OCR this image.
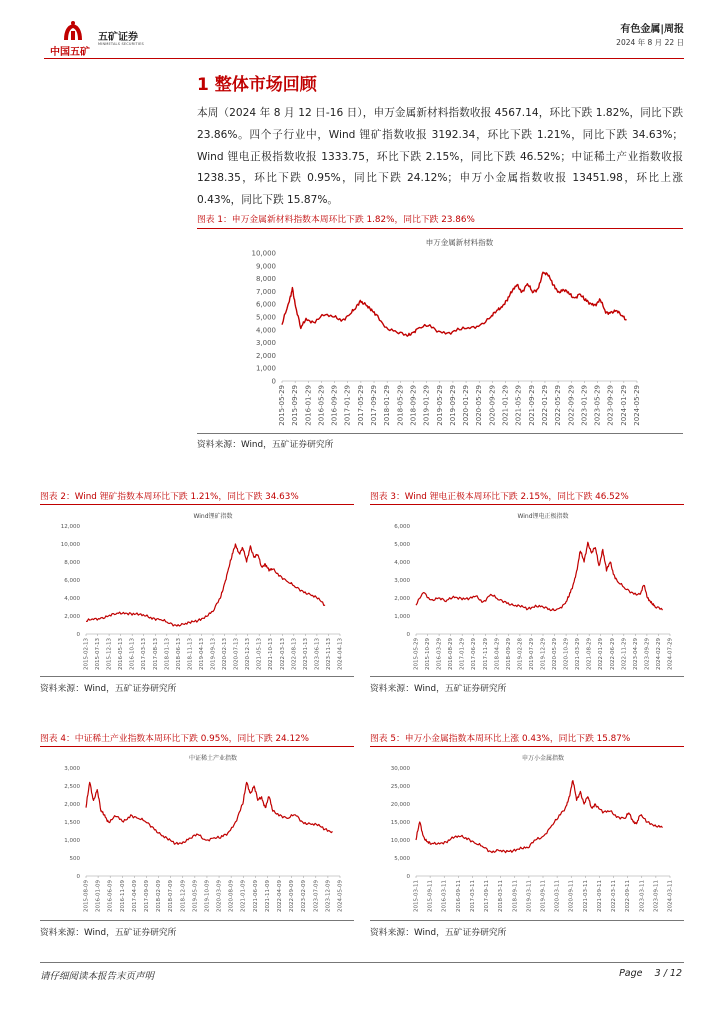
中国五矿
五矿证券
MINMETALS SECURITIES
有色金属|周报
2024 年 8 月 22 日
1 整体市场回顾
本周（2024 年 8 月 12 日-16 日），申万金属新材料指数收报 4567.14，环比下跌 1.82%，同比下跌 23.86%。四个子行业中，Wind 锂矿指数收报 3192.34，环比下跌 1.21%，同比下跌 34.63%；Wind 锂电正极指数收报 1333.75，环比下跌 2.15%，同比下跌 46.52%；中证稀土产业指数收报 1238.35，环比下跌 0.95%，同比下跌 24.12%；申万小金属指数收报 13451.98，环比上涨 0.43%，同比下跌 15.87%。
图表 1：申万金属新材料指数本周环比下跌 1.82%，同比下跌 23.86%
申万金属新材料指数
0
1,000
2,000
3,000
4,000
5,000
6,000
7,000
8,000
9,000
10,000
2015-05-29 2015-09-29 2016-01-29 2016-05-29 2016-09-29 2017-01-29 2017-05-29 2017-09-29 2018-01-29 2018-05-29 2018-09-29 2019-01-29 2019-05-29 2019-09-29 2020-01-29 2020-05-29 2020-09-29 2021-01-29 2021-05-29 2021-09-29 2022-01-29 2022-05-29 2022-09-29 2023-01-29 2023-05-29 2023-09-29 2024-01-29 2024-05-29
资料来源：Wind，五矿证券研究所
图表 2：Wind 锂矿指数本周环比下跌 1.21%，同比下跌 34.63%
Wind锂矿指数
0
2,000
4,000
6,000
8,000
10,000
12,000
2015-02-13 2015-07-13 2015-12-13 2016-05-13 2016-10-13 2017-03-13 2017-08-13 2018-01-13 2018-06-13 2018-11-13 2019-04-13 2019-09-13 2020-02-13 2020-07-13 2020-12-13 2021-05-13 2021-10-13 2022-03-13 2022-08-13 2023-01-13 2023-06-13 2023-11-13 2024-04-13
资料来源：Wind，五矿证券研究所
图表 3：Wind 锂电正极本周环比下跌 2.15%，同比下跌 46.52%
Wind锂电正极指数
0
1,000
2,000
3,000
4,000
5,000
6,000
2015-05-29 2015-10-29 2016-03-29 2016-08-29 2017-01-29 2017-06-29 2017-11-29 2018-04-29 2018-09-29 2019-02-28 2019-07-29 2019-12-29 2020-05-29 2020-10-29 2021-03-29 2021-08-29 2022-01-29 2022-06-29 2022-11-29 2023-04-29 2023-09-29 2024-02-29 2024-07-29
资料来源：Wind，五矿证券研究所
图表 4：中证稀土产业指数本周环比下跌 0.95%，同比下跌 24.12%
中证稀土产业指数
0
500
1,000
1,500
2,000
2,500
3,000
2015-08-09 2016-01-09 2016-06-09 2016-11-09 2017-04-09 2017-09-09 2018-02-09 2018-07-09 2018-12-09 2019-05-09 2019-10-09 2020-03-09 2020-08-09 2021-01-09 2021-06-09 2021-11-09 2022-04-09 2022-09-09 2023-02-09 2023-07-09 2023-12-09 2024-05-09
资料来源：Wind，五矿证券研究所
图表 5：申万小金属指数本周环比上涨 0.43%，同比下跌 15.87%
申万小金属指数
0
5,000
10,000
15,000
20,000
25,000
30,000
2015-03-11 2015-09-11 2016-03-11 2016-09-11 2017-03-11 2017-09-11 2018-03-11 2018-09-11 2019-03-11 2019-09-11 2020-03-11 2020-09-11 2021-03-11 2021-09-11 2022-03-11 2022-09-11 2023-03-11 2023-09-11 2024-03-11
资料来源：Wind，五矿证券研究所
请仔细阅读本报告末页声明	Page 3 / 12
